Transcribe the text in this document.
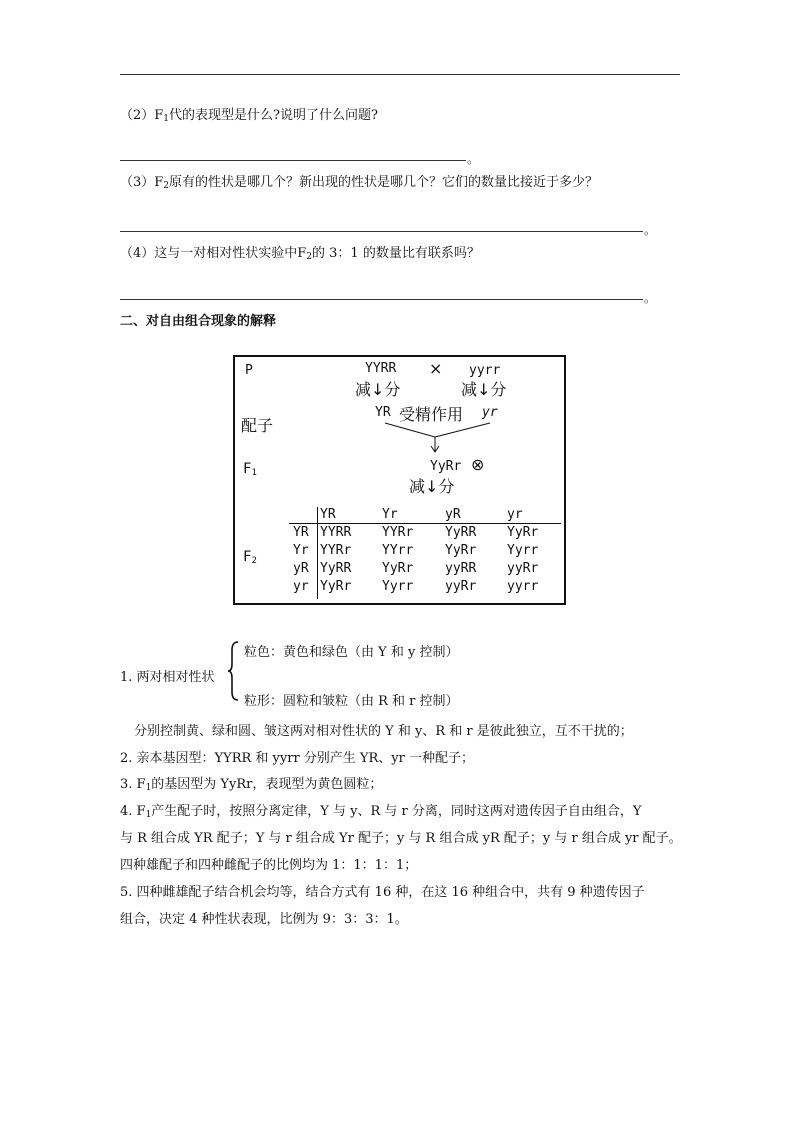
$(2)F_1$代的表现型是什么?说明了什么问题?
。
$(3)F_2$原有的性状是哪几个？新出现的性状是哪几个？它们的数量比接近于多少？
。
（4）这与一对相对性状实验中$F_2$的 3：1 的数量比有联系吗？
。
二、对自由组合现象的解释
P
配子
$F_1$
$F_2$
YYRR × yyrr
减↓分	减↓分
YR 受精作用 yr
YyRr ⊗
减↓分
YR	Yr	yR	yr
YR YYRR YYRr YyRR YyRr
Yr YYRr YYrr YyRr Yyrr
yR YyRR YyRr yyRR yyRr
yr YyRr Yyrr yyRr yyrr
1. 两对相对性状
粒色：黄色和绿色（由 Y 和 y 控制）
粒形：圆粒和皱粒（由 R 和 r 控制）
分别控制黄、绿和圆、皱这两对相对性状的 Y 和 y、R 和 r 是彼此独立，互不干扰的；
2. 亲本基因型：YYRR 和 yyrr 分别产生 YR、yr 一种配子；
3. $F_1$的基因型为 YyRr，表现型为黄色圆粒；
4. $F_1$产生配子时，按照分离定律，Y 与 y、R 与 r 分离，同时这两对遗传因子自由组合，Y
与 R 组合成 YR 配子；Y 与 r 组合成 Yr 配子；y 与 R 组合成 yR 配子；y 与 r 组合成 yr 配子。
四种雄配子和四种雌配子的比例均为 1：1：1：1；
5. 四种雌雄配子结合机会均等，结合方式有 16 种，在这 16 种组合中，共有 9 种遗传因子
组合，决定 4 种性状表现，比例为 9：3：3：1。
